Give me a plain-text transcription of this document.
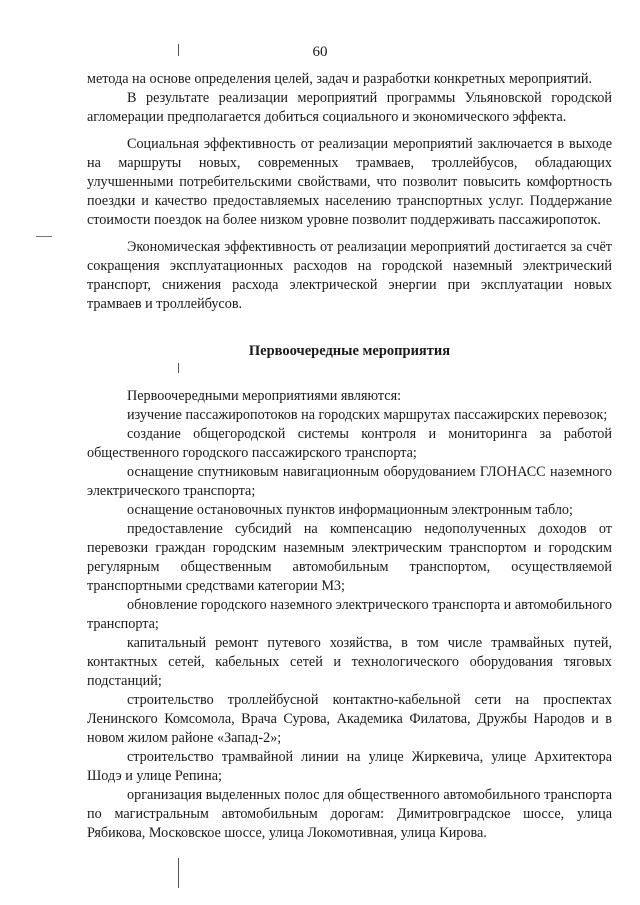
60

метода на основе определения целей, задач и разработки конкретных мероприятий.

В результате реализации мероприятий программы Ульяновской городской агломерации предполагается добиться социального и экономического эффекта.

Социальная эффективность от реализации мероприятий заключается в выходе на маршруты новых, современных трамваев, троллейбусов, обладающих улучшенными потребительскими свойствами, что позволит повысить комфортность поездки и качество предоставляемых населению транспортных услуг. Поддержание стоимости поездок на более низком уровне позволит поддерживать пассажиропоток.

Экономическая эффективность от реализации мероприятий достигается за счёт сокращения эксплуатационных расходов на городской наземный электрический транспорт, снижения расхода электрической энергии при эксплуатации новых трамваев и троллейбусов.

Первоочередные мероприятия

Первоочередными мероприятиями являются:

изучение пассажиропотоков на городских маршрутах пассажирских перевозок;

создание общегородской системы контроля и мониторинга за работой общественного городского пассажирского транспорта;

оснащение спутниковым навигационным оборудованием ГЛОНАСС наземного электрического транспорта;

оснащение остановочных пунктов информационным электронным табло;

предоставление субсидий на компенсацию недополученных доходов от перевозки граждан городским наземным электрическим транспортом и городским регулярным общественным автомобильным транспортом, осуществляемой транспортными средствами категории М3;

обновление городского наземного электрического транспорта и автомобильного транспорта;

капитальный ремонт путевого хозяйства, в том числе трамвайных путей, контактных сетей, кабельных сетей и технологического оборудования тяговых подстанций;

строительство троллейбусной контактно-кабельной сети на проспектах Ленинского Комсомола, Врача Сурова, Академика Филатова, Дружбы Народов и в новом жилом районе «Запад-2»;

строительство трамвайной линии на улице Жиркевича, улице Архитектора Шодэ и улице Репина;

организация выделенных полос для общественного автомобильного транспорта по магистральным автомобильным дорогам: Димитровградское шоссе, улица Рябикова, Московское шоссе, улица Локомотивная, улица Кирова.
